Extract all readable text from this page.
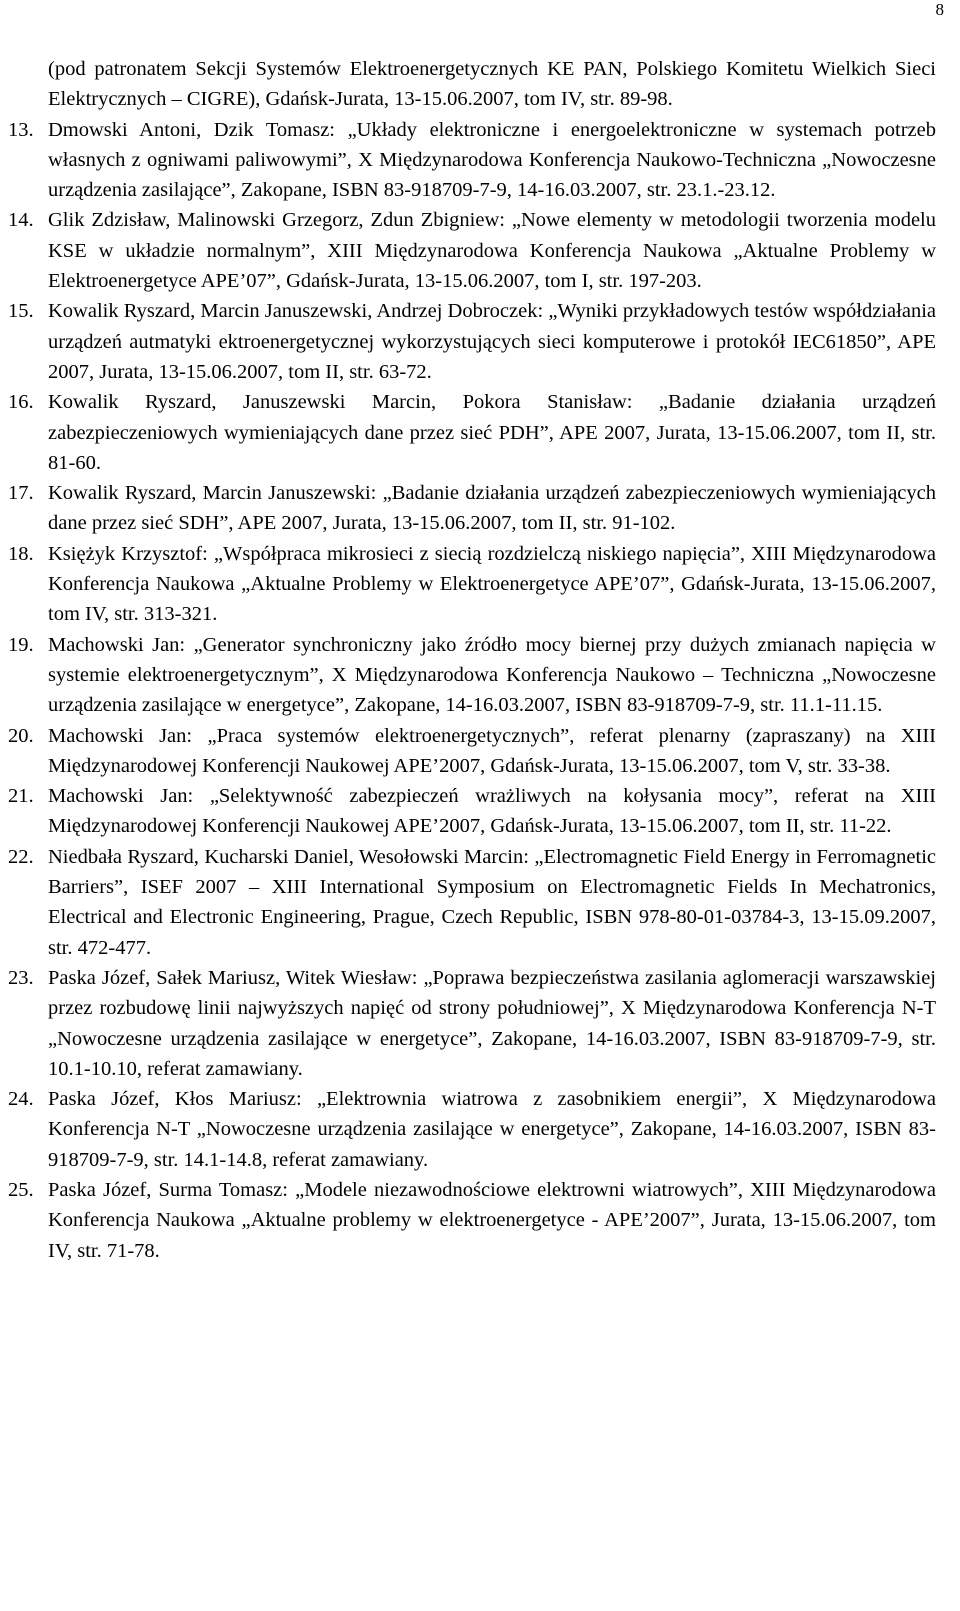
8

(pod patronatem Sekcji Systemów Elektroenergetycznych KE PAN, Polskiego Komitetu Wielkich Sieci Elektrycznych – CIGRE), Gdańsk-Jurata, 13-15.06.2007, tom IV, str. 89-98.

13. Dmowski Antoni, Dzik Tomasz: „Układy elektroniczne i energoelektroniczne w systemach potrzeb własnych z ogniwami paliwowymi”, X Międzynarodowa Konferencja Naukowo-Techniczna „Nowoczesne urządzenia zasilające”, Zakopane, ISBN 83-918709-7-9, 14-16.03.2007, str. 23.1.-23.12.

14. Glik Zdzisław, Malinowski Grzegorz, Zdun Zbigniew: „Nowe elementy w metodologii tworzenia modelu KSE w układzie normalnym”, XIII Międzynarodowa Konferencja Naukowa „Aktualne Problemy w Elektroenergetyce APE’07”, Gdańsk-Jurata, 13-15.06.2007, tom I, str. 197-203.

15. Kowalik Ryszard, Marcin Januszewski, Andrzej Dobroczek: „Wyniki przykładowych testów współdziałania urządzeń autmatyki ektroenergetycznej wykorzystujących sieci komputerowe i protokół IEC61850”, APE 2007, Jurata, 13-15.06.2007, tom II, str. 63-72.

16. Kowalik Ryszard, Januszewski Marcin, Pokora Stanisław: „Badanie działania urządzeń zabezpieczeniowych wymieniających dane przez sieć PDH”, APE 2007, Jurata, 13-15.06.2007, tom II, str. 81-60.

17. Kowalik Ryszard, Marcin Januszewski: „Badanie działania urządzeń zabezpieczeniowych wymieniających dane przez sieć SDH”, APE 2007, Jurata, 13-15.06.2007, tom II, str. 91-102.

18. Księżyk Krzysztof: „Współpraca mikrosieci z siecią rozdzielczą niskiego napięcia”, XIII Międzynarodowa Konferencja Naukowa „Aktualne Problemy w Elektroenergetyce APE’07”, Gdańsk-Jurata, 13-15.06.2007, tom IV, str. 313-321.

19. Machowski Jan: „Generator synchroniczny jako źródło mocy biernej przy dużych zmianach napięcia w systemie elektroenergetycznym”, X Międzynarodowa Konferencja Naukowo – Techniczna „Nowoczesne urządzenia zasilające w energetyce”, Zakopane, 14-16.03.2007, ISBN 83-918709-7-9, str. 11.1-11.15.

20. Machowski Jan: „Praca systemów elektroenergetycznych”, referat plenarny (zapraszany) na XIII Międzynarodowej Konferencji Naukowej APE’2007, Gdańsk-Jurata, 13-15.06.2007, tom V, str. 33-38.

21. Machowski Jan: „Selektywność zabezpieczeń wrażliwych na kołysania mocy”, referat na XIII Międzynarodowej Konferencji Naukowej APE’2007, Gdańsk-Jurata, 13-15.06.2007, tom II, str. 11-22.

22. Niedbała Ryszard, Kucharski Daniel, Wesołowski Marcin: „Electromagnetic Field Energy in Ferromagnetic Barriers”, ISEF 2007 – XIII International Symposium on Electromagnetic Fields In Mechatronics, Electrical and Electronic Engineering, Prague, Czech Republic, ISBN 978-80-01-03784-3, 13-15.09.2007, str. 472-477.

23. Paska Józef, Sałek Mariusz, Witek Wiesław: „Poprawa bezpieczeństwa zasilania aglomeracji warszawskiej przez rozbudowę linii najwyższych napięć od strony południowej”, X Międzynarodowa Konferencja N-T „Nowoczesne urządzenia zasilające w energetyce”, Zakopane, 14-16.03.2007, ISBN 83-918709-7-9, str. 10.1-10.10, referat zamawiany.

24. Paska Józef, Kłos Mariusz: „Elektrownia wiatrowa z zasobnikiem energii”, X Międzynarodowa Konferencja N-T „Nowoczesne urządzenia zasilające w energetyce”, Zakopane, 14-16.03.2007, ISBN 83-918709-7-9, str. 14.1-14.8, referat zamawiany.

25. Paska Józef, Surma Tomasz: „Modele niezawodnościowe elektrowni wiatrowych”, XIII Międzynarodowa Konferencja Naukowa „Aktualne problemy w elektroenergetyce - APE’2007”, Jurata, 13-15.06.2007, tom IV, str. 71-78.
